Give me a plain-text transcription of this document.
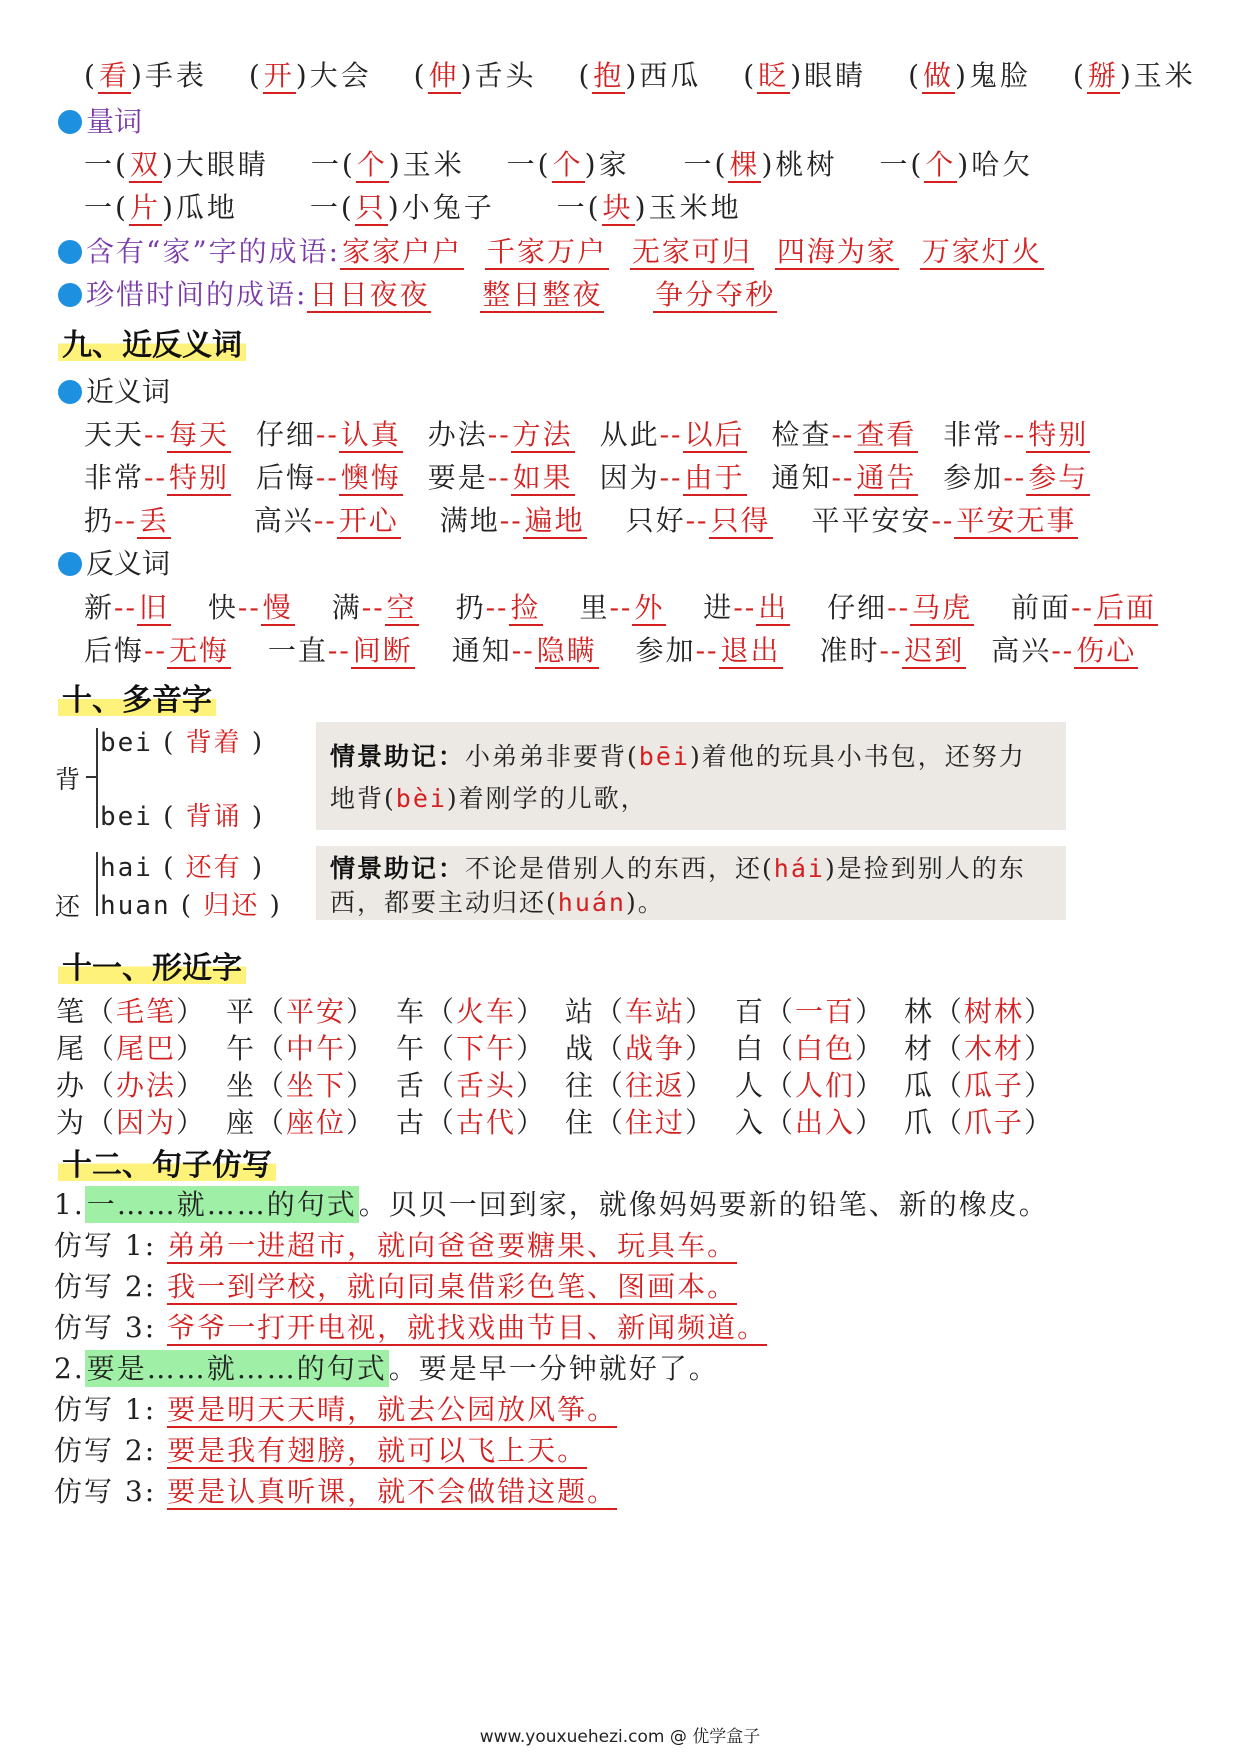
(看)手表 (开)大会 (伸)舌头 (抱)西瓜 (眨)眼睛 (做)鬼脸 (掰)玉米
量词
一(双)大眼睛 一(个)玉米 一(个)家 一(棵)桃树 一(个)哈欠
一(片)瓜地	一(只)小兔子 一(块)玉米地
含有“家”字的成语:家家户户 千家万户 无家可归 四海为家 万家灯火
珍惜时间的成语:日日夜夜 整日整夜 争分夺秒
九、近反义词
近义词
天天--每天 仔细--认真 办法--方法 从此--以后 检查--查看 非常--特别
非常--特别 后悔--懊悔 要是--如果 因为--由于 通知--通告 参加--参与
扔--丢	高兴--开心 满地--遍地 只好--只得 平平安安--平安无事
反义词
新--旧 快--慢 满--空 扔--捡 里--外 进--出 仔细--马虎 前面--后面
后悔--无悔 一直--间断 通知--隐瞒 参加--退出 准时--迟到 高兴--伤心
十、多音字
背
bei ( 背着 )
bei ( 背诵 )
情景助记：小弟弟非要背(bēi)着他的玩具小书包，还努力
地背(bèi)着刚学的儿歌，
还
hai ( 还有 )
huan ( 归还 )
情景助记：不论是借别人的东西，还(hái)是捡到别人的东
西，都要主动归还(huán)。
十一、形近字
笔（毛笔） 平（平安） 车（火车） 站（车站） 百（一百） 林（树林）
尾（尾巴） 午（中午） 午（下午） 战（战争） 白（白色） 材（木材）
办（办法） 坐（坐下） 舌（舌头） 往（往返） 人（人们） 瓜（瓜子）
为（因为） 座（座位） 古（古代） 住（住过） 入（出入） 爪（爪子）
十二、句子仿写
1.一……就……的句式。贝贝一回到家，就像妈妈要新的铅笔、新的橡皮。
仿写 1: 弟弟一进超市，就向爸爸要糖果、玩具车。
仿写 2: 我一到学校，就向同桌借彩色笔、图画本。
仿写 3: 爷爷一打开电视，就找戏曲节目、新闻频道。
2.要是……就……的句式。要是早一分钟就好了。
仿写 1: 要是明天天晴，就去公园放风筝。
仿写 2: 要是我有翅膀，就可以飞上天。
仿写 3: 要是认真听课，就不会做错这题。
www.youxuehezi.com @ 优学盒子
